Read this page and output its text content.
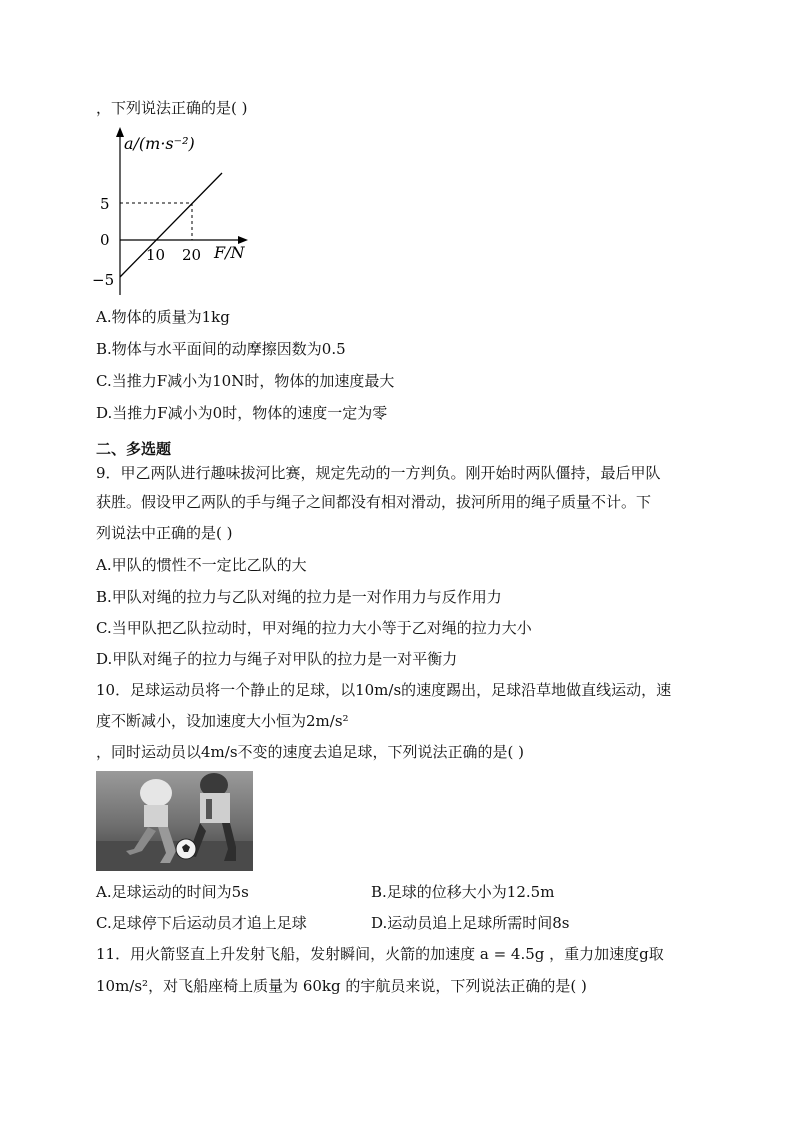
，下列说法正确的是( )
a/(m·s⁻²)
5
0
−5
10 20 F/N
A.物体的质量为1kg
B.物体与水平面间的动摩擦因数为0.5
C.当推力F减小为10N时，物体的加速度最大
D.当推力F减小为0时，物体的速度一定为零
二、多选题
9．甲乙两队进行趣味拔河比赛，规定先动的一方判负。刚开始时两队僵持，最后甲队
获胜。假设甲乙两队的手与绳子之间都没有相对滑动，拔河所用的绳子质量不计。下
列说法中正确的是( )
A.甲队的惯性不一定比乙队的大
B.甲队对绳的拉力与乙队对绳的拉力是一对作用力与反作用力
C.当甲队把乙队拉动时，甲对绳的拉力大小等于乙对绳的拉力大小
D.甲队对绳子的拉力与绳子对甲队的拉力是一对平衡力
10．足球运动员将一个静止的足球，以10m/s的速度踢出，足球沿草地做直线运动，速
度不断减小，设加速度大小恒为2m/s²
，同时运动员以4m/s不变的速度去追足球，下列说法正确的是( )
A.足球运动的时间为5s	B.足球的位移大小为12.5m
C.足球停下后运动员才追上足球	D.运动员追上足球所需时间8s
11．用火箭竖直上升发射飞船，发射瞬间，火箭的加速度 a = 4.5g ，重力加速度g取
10m/s²，对飞船座椅上质量为 60kg 的宇航员来说，下列说法正确的是( )
